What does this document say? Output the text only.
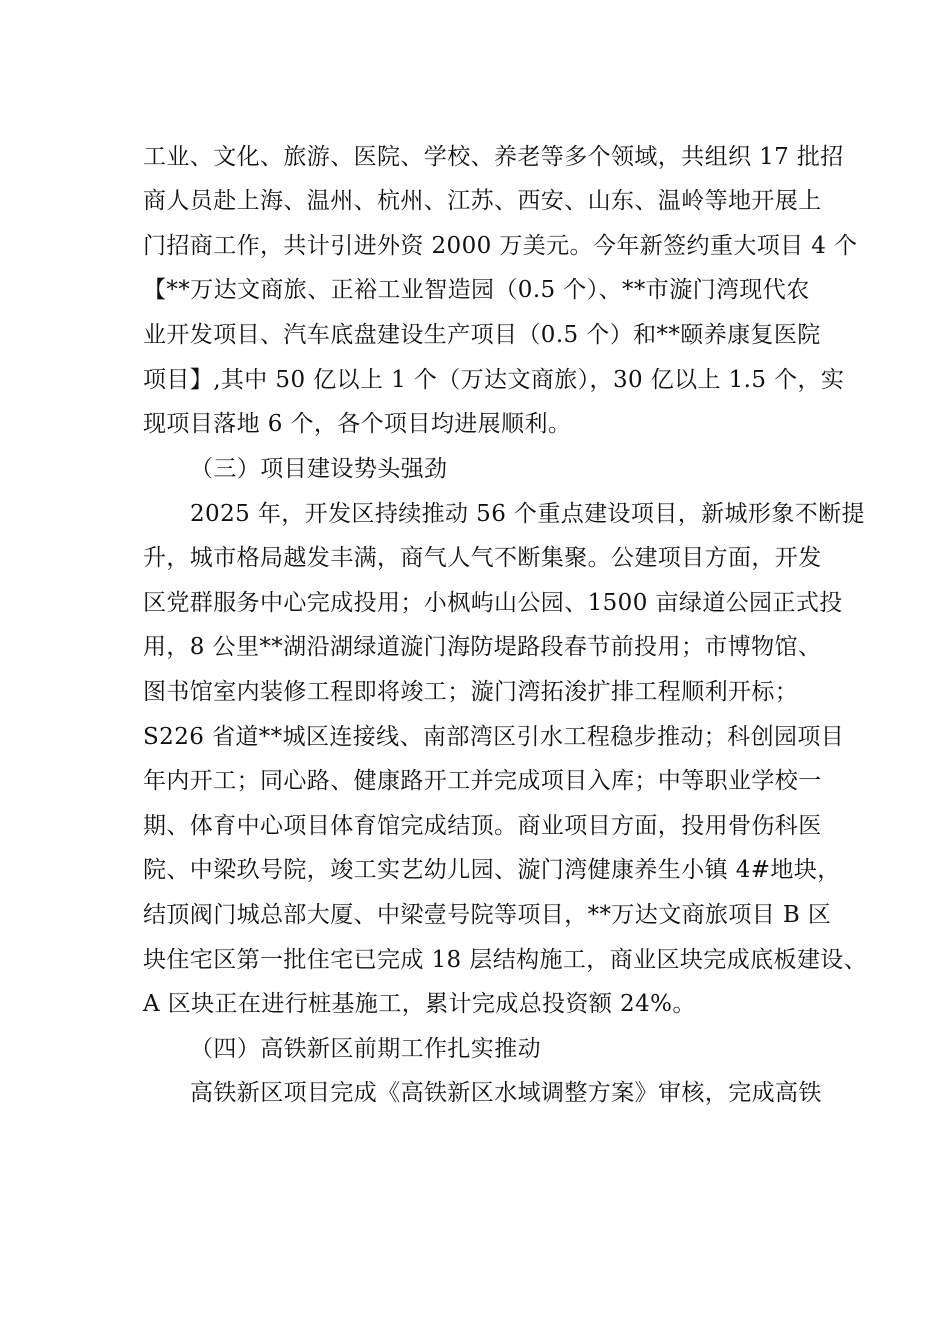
工业、文化、旅游、医院、学校、养老等多个领域，共组织 17 批招
商人员赴上海、温州、杭州、江苏、西安、山东、温岭等地开展上
门招商工作，共计引进外资 2000 万美元。今年新签约重大项目 4 个
【**万达文商旅、正裕工业智造园（0.5 个）、**市漩门湾现代农
业开发项目、汽车底盘建设生产项目（0.5 个）和**颐养康复医院
项目】,其中 50 亿以上 1 个（万达文商旅），30 亿以上 1.5 个，实
现项目落地 6 个，各个项目均进展顺利。
（三）项目建设势头强劲
2025 年，开发区持续推动 56 个重点建设项目，新城形象不断提
升，城市格局越发丰满，商气人气不断集聚。公建项目方面，开发
区党群服务中心完成投用；小枫屿山公园、1500 亩绿道公园正式投
用，8 公里**湖沿湖绿道漩门海防堤路段春节前投用；市博物馆、
图书馆室内装修工程即将竣工；漩门湾拓浚扩排工程顺利开标；
S226 省道**城区连接线、南部湾区引水工程稳步推动；科创园项目
年内开工；同心路、健康路开工并完成项目入库；中等职业学校一
期、体育中心项目体育馆完成结顶。商业项目方面，投用骨伤科医
院、中梁玖号院，竣工实艺幼儿园、漩门湾健康养生小镇 4#地块，
结顶阀门城总部大厦、中梁壹号院等项目，**万达文商旅项目 B 区
块住宅区第一批住宅已完成 18 层结构施工，商业区块完成底板建设、
A 区块正在进行桩基施工，累计完成总投资额 24%。
（四）高铁新区前期工作扎实推动
高铁新区项目完成《高铁新区水域调整方案》审核，完成高铁
